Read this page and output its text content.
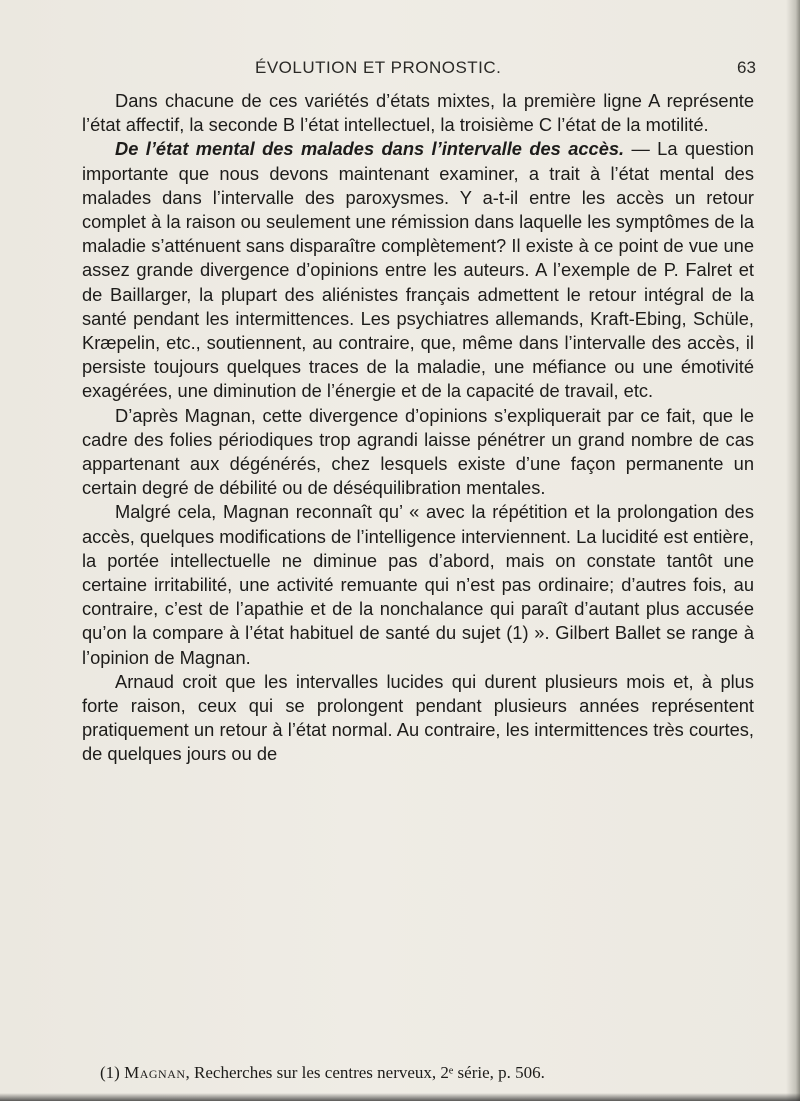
ÉVOLUTION ET PRONOSTIC.	63

Dans chacune de ces variétés d’états mixtes, la première ligne A représente l’état affectif, la seconde B l’état intellectuel, la troisième C l’état de la motilité.

De l’état mental des malades dans l’intervalle des accès. — La question importante que nous devons maintenant examiner, a trait à l’état mental des malades dans l’intervalle des paroxysmes. Y a-t-il entre les accès un retour complet à la raison ou seulement une rémission dans laquelle les symptômes de la maladie s’atténuent sans disparaître complètement? Il existe à ce point de vue une assez grande divergence d’opinions entre les auteurs. A l’exemple de P. Falret et de Baillarger, la plupart des aliénistes français admettent le retour intégral de la santé pendant les intermittences. Les psychiatres allemands, Kraft-Ebing, Schüle, Kræpelin, etc., soutiennent, au contraire, que, même dans l’intervalle des accès, il persiste toujours quelques traces de la maladie, une méfiance ou une émotivité exagérées, une diminution de l’énergie et de la capacité de travail, etc.

D’après Magnan, cette divergence d’opinions s’expliquerait par ce fait, que le cadre des folies périodiques trop agrandi laisse pénétrer un grand nombre de cas appartenant aux dégénérés, chez lesquels existe d’une façon permanente un certain degré de débilité ou de déséquilibration mentales.

Malgré cela, Magnan reconnaît qu’ « avec la répétition et la prolongation des accès, quelques modifications de l’intelligence interviennent. La lucidité est entière, la portée intellectuelle ne diminue pas d’abord, mais on constate tantôt une certaine irritabilité, une activité remuante qui n’est pas ordinaire; d’autres fois, au contraire, c’est de l’apathie et de la nonchalance qui paraît d’autant plus accusée qu’on la compare à l’état habituel de santé du sujet (1) ». Gilbert Ballet se range à l’opinion de Magnan.

Arnaud croit que les intervalles lucides qui durent plusieurs mois et, à plus forte raison, ceux qui se prolongent pendant plusieurs années représentent pratiquement un retour à l’état normal. Au contraire, les intermittences très courtes, de quelques jours ou de

(1) Magnan, Recherches sur les centres nerveux, 2ᵉ série, p. 506.
